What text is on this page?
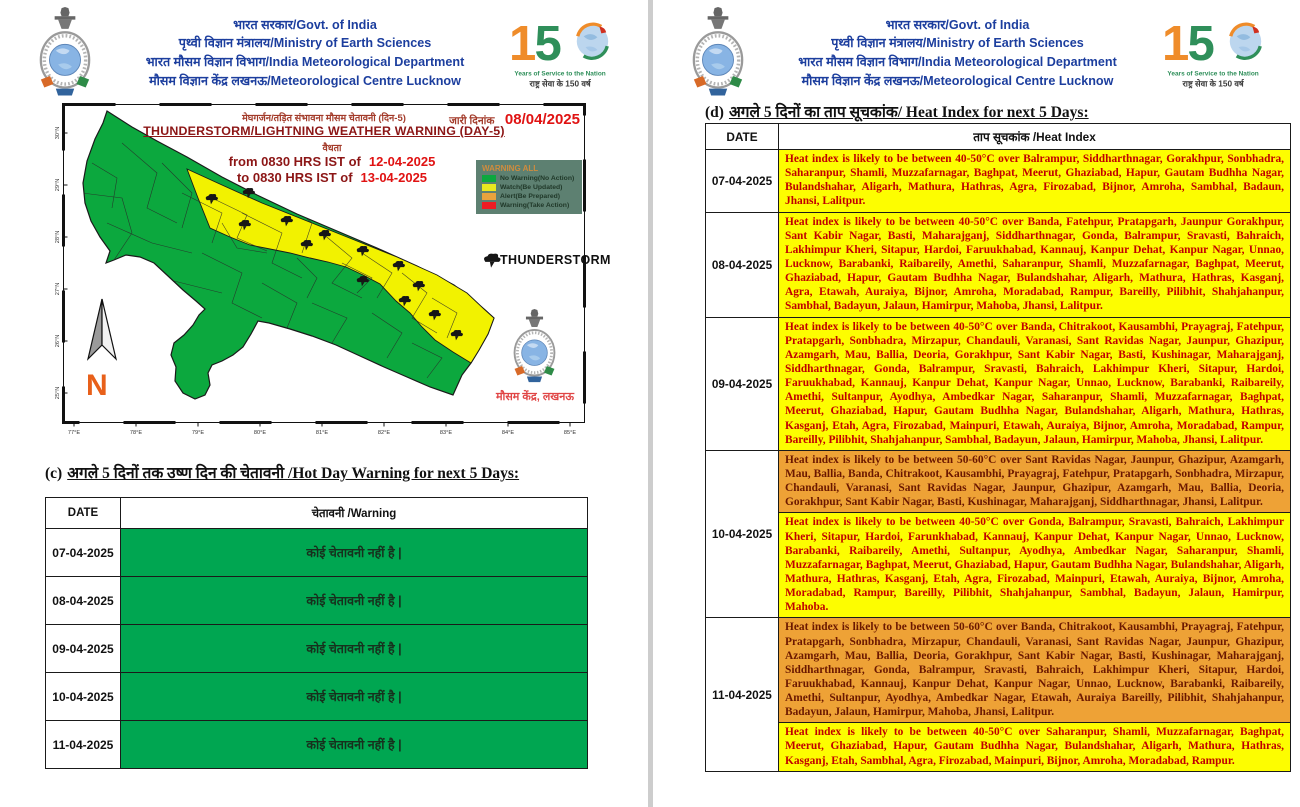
भारत सरकार/Govt. of India
पृथ्वी विज्ञान मंत्रालय/Ministry of Earth Sciences
भारत मौसम विज्ञान विभाग/India Meteorological Department
मौसम विज्ञान केंद्र लखनऊ/Meteorological Centre Lucknow
N
77°E	78°E	79°E	80°E	81°E	82°E	83°E	84°E	85°E
30°N
29°N
28°N
27°N
26°N
25°N
मेघगर्जन/तड़ित संभावना मौसम चेतावनी (दिन-5)
THUNDERSTORM/LIGHTNING WEATHER WARNING (DAY-5)
जारी दिनांक 08/04/2025
वैधता
from 0830 HRS IST of 12-04-2025
to 0830 HRS IST of 13-04-2025
WARNING ALL
No Warning(No Action)
Watch(Be Updated)
Alert(Be Prepared)
Warning(Take Action)
THUNDERSTORM
मौसम केंद्र, लखनऊ
(c) अगले 5 दिनों तक उष्ण दिन की चेतावनी /Hot Day Warning for next 5 Days:
DATE	चेतावनी /Warning
07-04-2025	कोई चेतावनी नहीं है |
08-04-2025	कोई चेतावनी नहीं है |
09-04-2025	कोई चेतावनी नहीं है |
10-04-2025	कोई चेतावनी नहीं है |
11-04-2025	कोई चेतावनी नहीं है |
भारत सरकार/Govt. of India
पृथ्वी विज्ञान मंत्रालय/Ministry of Earth Sciences
भारत मौसम विज्ञान विभाग/India Meteorological Department
मौसम विज्ञान केंद्र लखनऊ/Meteorological Centre Lucknow
(d) अगले 5 दिनों का ताप सूचकांक/ Heat Index for next 5 Days:
DATE	ताप सूचकांक /Heat Index
07-04-2025	Heat index is likely to be between 40-50°C over Balrampur, Siddharthnagar, Gorakhpur, Sonbhadra, Saharanpur, Shamli, Muzzafarnagar, Baghpat, Meerut, Ghaziabad, Hapur, Gautam Budhha Nagar, Bulandshahar, Aligarh, Mathura, Hathras, Agra, Firozabad, Bijnor, Amroha, Sambhal, Badaun, Jhansi, Lalitpur.
08-04-2025	Heat index is likely to be between 40-50°C over Banda, Fatehpur, Pratapgarh, Jaunpur Gorakhpur, Sant Kabir Nagar, Basti, Maharajganj, Siddharthnagar, Gonda, Balrampur, Sravasti, Bahraich, Lakhimpur Kheri, Sitapur, Hardoi, Faruukhabad, Kannauj, Kanpur Dehat, Kanpur Nagar, Unnao, Lucknow, Barabanki, Raibareily, Amethi, Saharanpur, Shamli, Muzzafarnagar, Baghpat, Meerut, Ghaziabad, Hapur, Gautam Budhha Nagar, Bulandshahar, Aligarh, Mathura, Hathras, Kasganj, Agra, Etawah, Auraiya, Bijnor, Amroha, Moradabad, Rampur, Bareilly, Pilibhit, Shahjahanpur, Sambhal, Badayun, Jalaun, Hamirpur, Mahoba, Jhansi, Lalitpur.
09-04-2025	Heat index is likely to be between 40-50°C over Banda, Chitrakoot, Kausambhi, Prayagraj, Fatehpur, Pratapgarh, Sonbhadra, Mirzapur, Chandauli, Varanasi, Sant Ravidas Nagar, Jaunpur, Ghazipur, Azamgarh, Mau, Ballia, Deoria, Gorakhpur, Sant Kabir Nagar, Basti, Kushinagar, Maharajganj, Siddharthnagar, Gonda, Balrampur, Sravasti, Bahraich, Lakhimpur Kheri, Sitapur, Hardoi, Faruukhabad, Kannauj, Kanpur Dehat, Kanpur Nagar, Unnao, Lucknow, Barabanki, Raibareily, Amethi, Sultanpur, Ayodhya, Ambedkar Nagar, Saharanpur, Shamli, Muzzafarnagar, Baghpat, Meerut, Ghaziabad, Hapur, Gautam Budhha Nagar, Bulandshahar, Aligarh, Mathura, Hathras, Kasganj, Etah, Agra, Firozabad, Mainpuri, Etawah, Auraiya, Bijnor, Amroha, Moradabad, Rampur, Bareilly, Pilibhit, Shahjahanpur, Sambhal, Badayun, Jalaun, Hamirpur, Mahoba, Jhansi, Lalitpur.
10-04-2025	Heat index is likely to be between 50-60°C over Sant Ravidas Nagar, Jaunpur, Ghazipur, Azamgarh, Mau, Ballia, Banda, Chitrakoot, Kausambhi, Prayagraj, Fatehpur, Pratapgarh, Sonbhadra, Mirzapur, Chandauli, Varanasi, Sant Ravidas Nagar, Jaunpur, Ghazipur, Azamgarh, Mau, Ballia, Deoria, Gorakhpur, Sant Kabir Nagar, Basti, Kushinagar, Maharajganj, Siddharthnagar, Jhansi, Lalitpur.
	Heat index is likely to be between 40-50°C over Gonda, Balrampur, Sravasti, Bahraich, Lakhimpur Kheri, Sitapur, Hardoi, Farunkhabad, Kannauj, Kanpur Dehat, Kanpur Nagar, Unnao, Lucknow, Barabanki, Raibareily, Amethi, Sultanpur, Ayodhya, Ambedkar Nagar, Saharanpur, Shamli, Muzzafarnagar, Baghpat, Meerut, Ghaziabad, Hapur, Gautam Budhha Nagar, Bulandshahar, Aligarh, Mathura, Hathras, Kasganj, Etah, Agra, Firozabad, Mainpuri, Etawah, Auraiya, Bijnor, Amroha, Moradabad, Rampur, Bareilly, Pilibhit, Shahjahanpur, Sambhal, Badayun, Jalaun, Hamirpur, Mahoba.
11-04-2025	Heat index is likely to be between 50-60°C over Banda, Chitrakoot, Kausambhi, Prayagraj, Fatehpur, Pratapgarh, Sonbhadra, Mirzapur, Chandauli, Varanasi, Sant Ravidas Nagar, Jaunpur, Ghazipur, Azamgarh, Mau, Ballia, Deoria, Gorakhpur, Sant Kabir Nagar, Basti, Kushinagar, Maharajganj, Siddharthnagar, Gonda, Balrampur, Sravasti, Bahraich, Lakhimpur Kheri, Sitapur, Hardoi, Faruukhabad, Kannauj, Kanpur Dehat, Kanpur Nagar, Unnao, Lucknow, Barabanki, Raibareily, Amethi, Sultanpur, Ayodhya, Ambedkar Nagar, Etawah, Auraiya Bareilly, Pilibhit, Shahjahanpur, Badayun, Jalaun, Hamirpur, Mahoba, Jhansi, Lalitpur.
	Heat index is likely to be between 40-50°C over Saharanpur, Shamli, Muzzafarnagar, Baghpat, Meerut, Ghaziabad, Hapur, Gautam Budhha Nagar, Bulandshahar, Aligarh, Mathura, Hathras, Kasganj, Etah, Sambhal, Agra, Firozabad, Mainpuri, Bijnor, Amroha, Moradabad, Rampur.
